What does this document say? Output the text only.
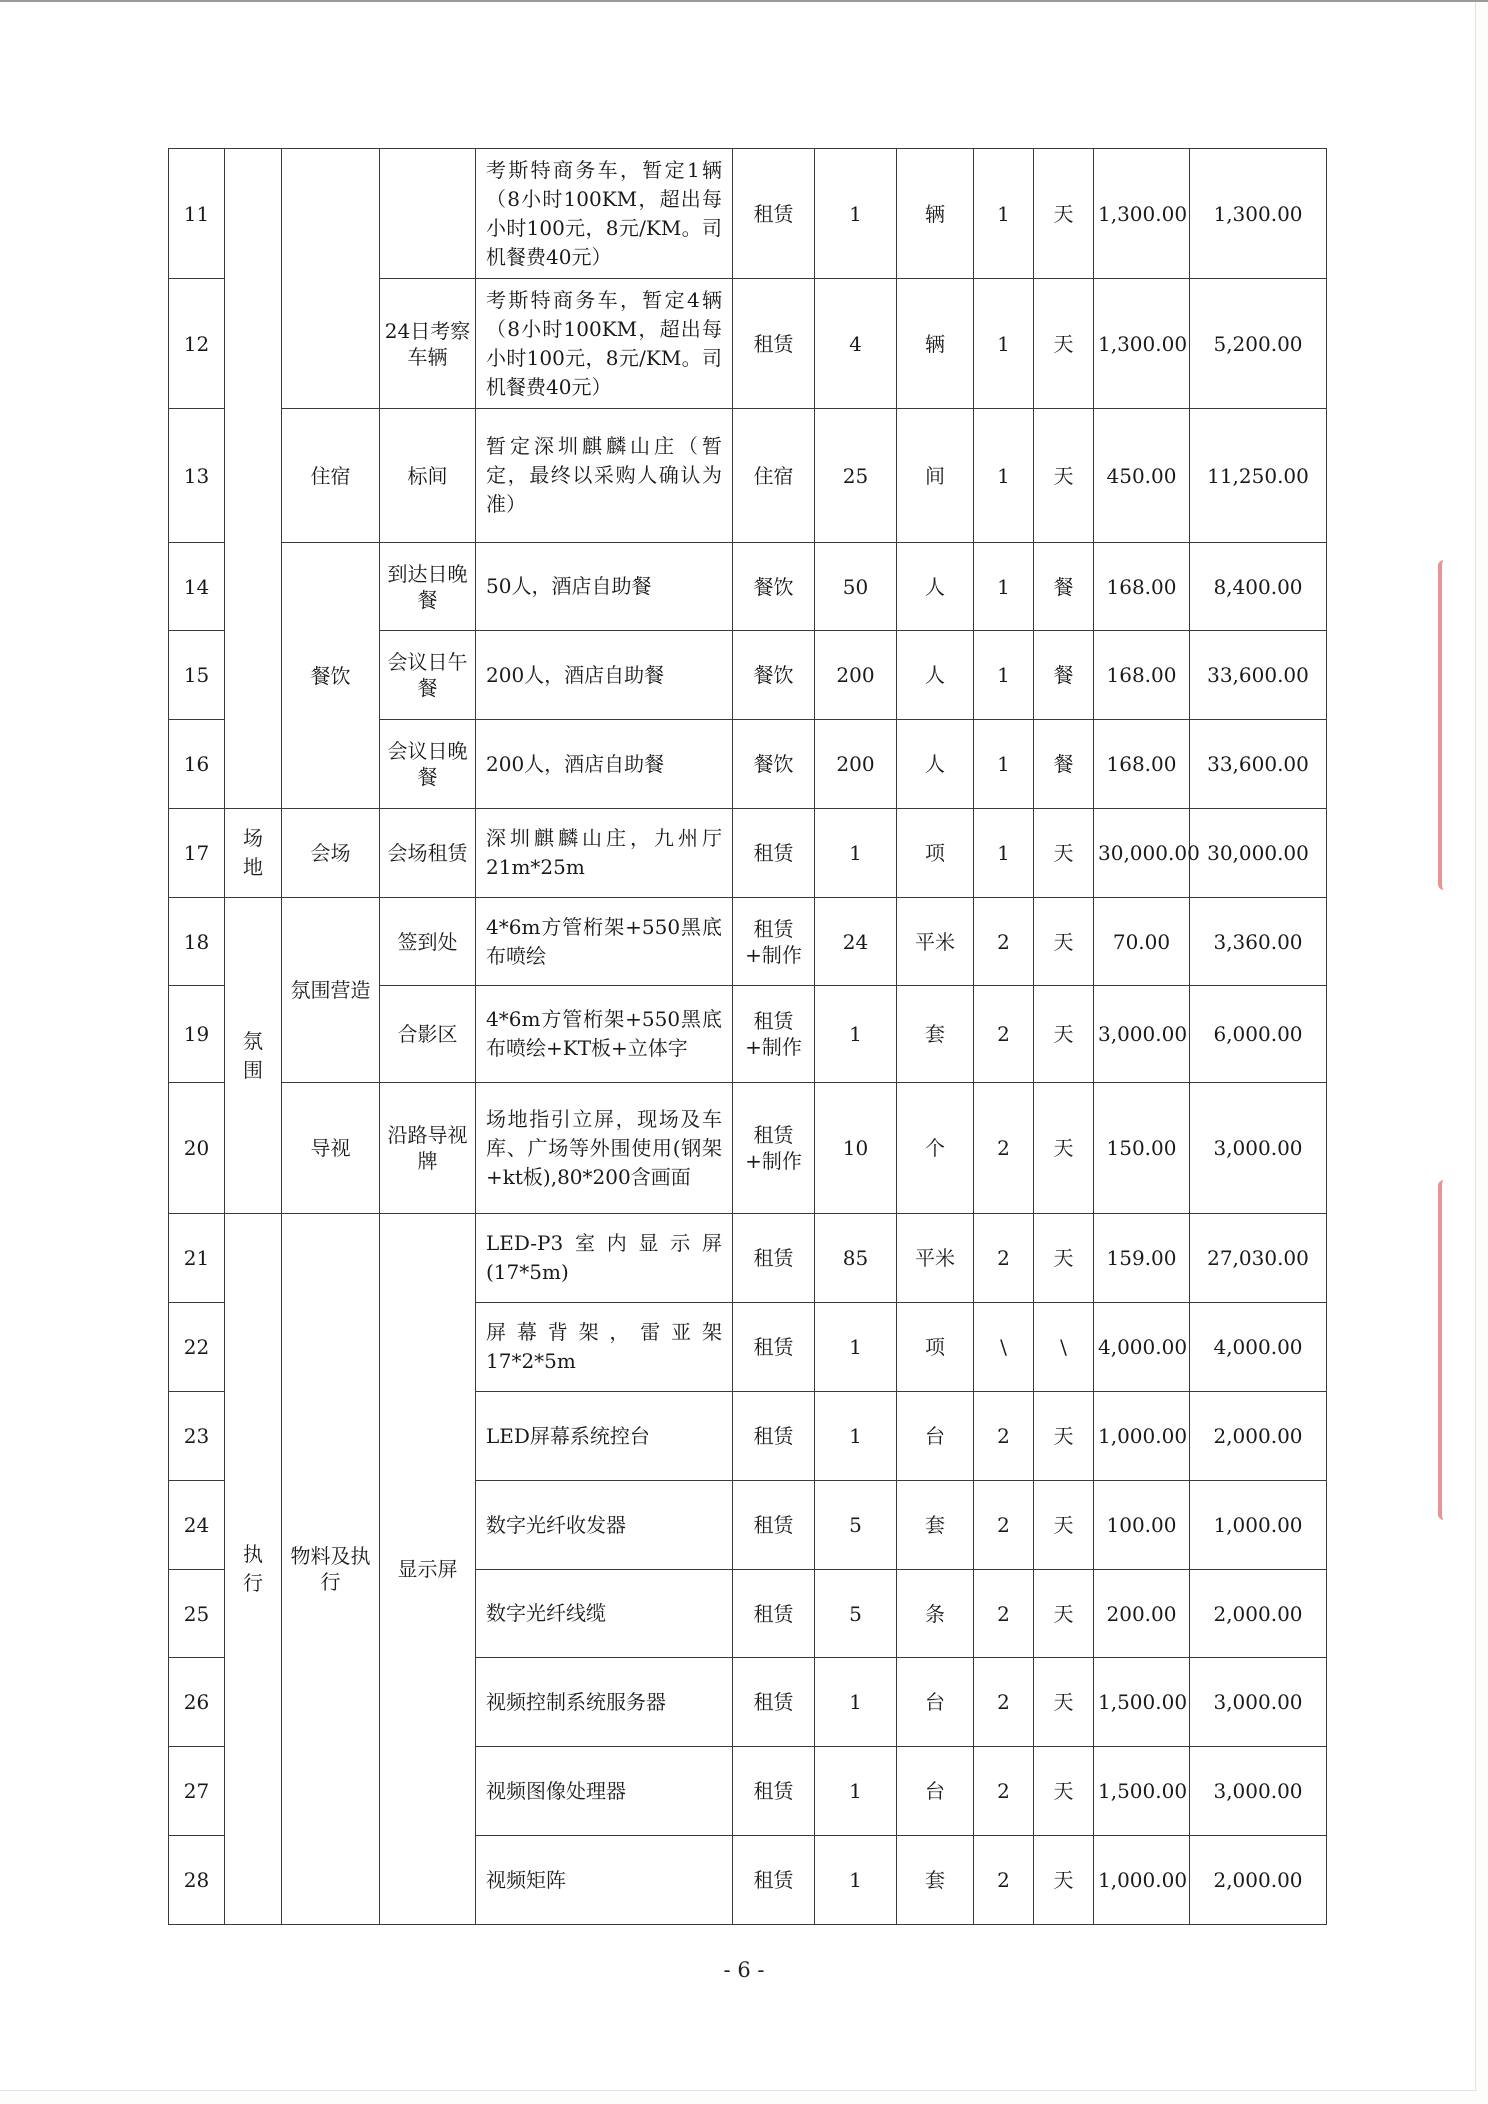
11				考斯特商务车，暂定1辆（8小时100KM，超出每小时100元，8元/KM。司机餐费40元）	租赁	1	辆	1	天	1,300.00	1,300.00
12			24日考察车辆	考斯特商务车，暂定4辆（8小时100KM，超出每小时100元，8元/KM。司机餐费40元）	租赁	4	辆	1	天	1,300.00	5,200.00
13		住宿	标间	暂定深圳麒麟山庄（暂定，最终以采购人确认为准）	住宿	25	间	1	天	450.00	11,250.00
14		餐饮	到达日晚餐	50人，酒店自助餐	餐饮	50	人	1	餐	168.00	8,400.00
15			会议日午餐	200人，酒店自助餐	餐饮	200	人	1	餐	168.00	33,600.00
16			会议日晚餐	200人，酒店自助餐	餐饮	200	人	1	餐	168.00	33,600.00
17	场地	会场	会场租赁	深圳麒麟山庄，九州厅21m*25m	租赁	1	项	1	天	30,000.00	30,000.00
18	氛围	氛围营造	签到处	4*6m方管桁架+550黑底布喷绘	租赁+制作	24	平米	2	天	70.00	3,360.00
19			合影区	4*6m方管桁架+550黑底布喷绘+KT板+立体字	租赁+制作	1	套	2	天	3,000.00	6,000.00
20		导视	沿路导视牌	场地指引立屏，现场及车库、广场等外围使用(钢架+kt板),80*200含画面	租赁+制作	10	个	2	天	150.00	3,000.00
21	执行	物料及执行	显示屏	LED-P3室内显示屏(17*5m)	租赁	85	平米	2	天	159.00	27,030.00
22				屏幕背架，雷亚架17*2*5m	租赁	1	项	\	\	4,000.00	4,000.00
23				LED屏幕系统控台	租赁	1	台	2	天	1,000.00	2,000.00
24				数字光纤收发器	租赁	5	套	2	天	100.00	1,000.00
25				数字光纤线缆	租赁	5	条	2	天	200.00	2,000.00
26				视频控制系统服务器	租赁	1	台	2	天	1,500.00	3,000.00
27				视频图像处理器	租赁	1	台	2	天	1,500.00	3,000.00
28				视频矩阵	租赁	1	套	2	天	1,000.00	2,000.00
- 6 -
